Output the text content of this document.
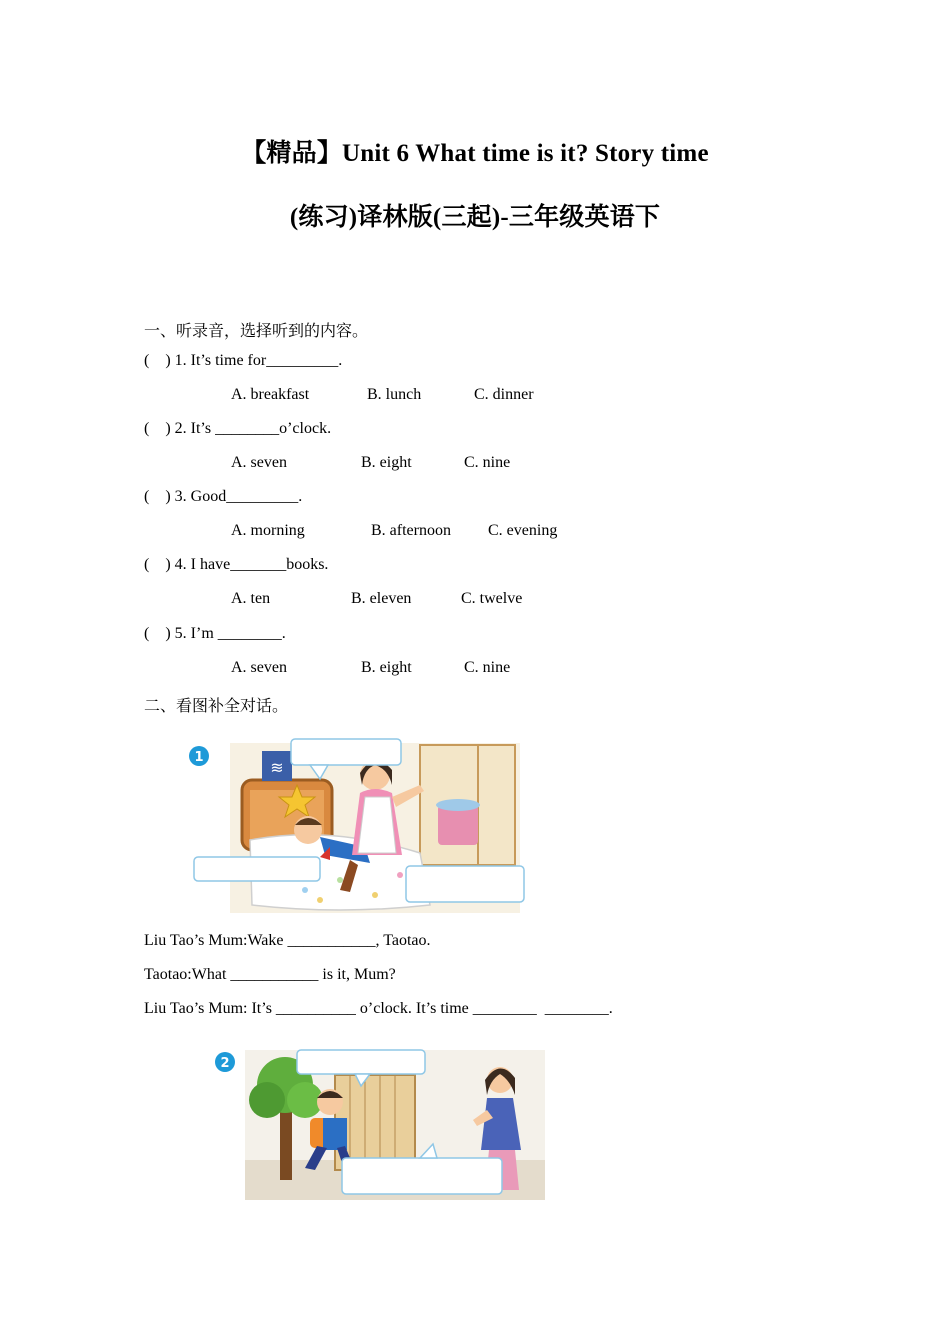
【精品】Unit 6 What time is it? Story time
(练习)译林版(三起)-三年级英语下
一、听录音，选择听到的内容。
(    ) 1. It’s time for_________.
A. breakfast	B. lunch	C. dinner
(    ) 2. It’s ________o’clock.
A. seven	B. eight	C. nine
(    ) 3. Good_________.
A. morning	B. afternoon C. evening
(    ) 4. I have_______books.
A. ten	B. eleven	C. twelve
(    ) 5. I’m ________.
A. seven	B. eight	C. nine
二、看图补全对话。
≋
1
Liu Tao’s Mum:Wake ___________, Taotao.
Taotao:What ___________ is it, Mum?
Liu Tao’s Mum: It’s __________ o’clock. It’s time ________  ________.
2
